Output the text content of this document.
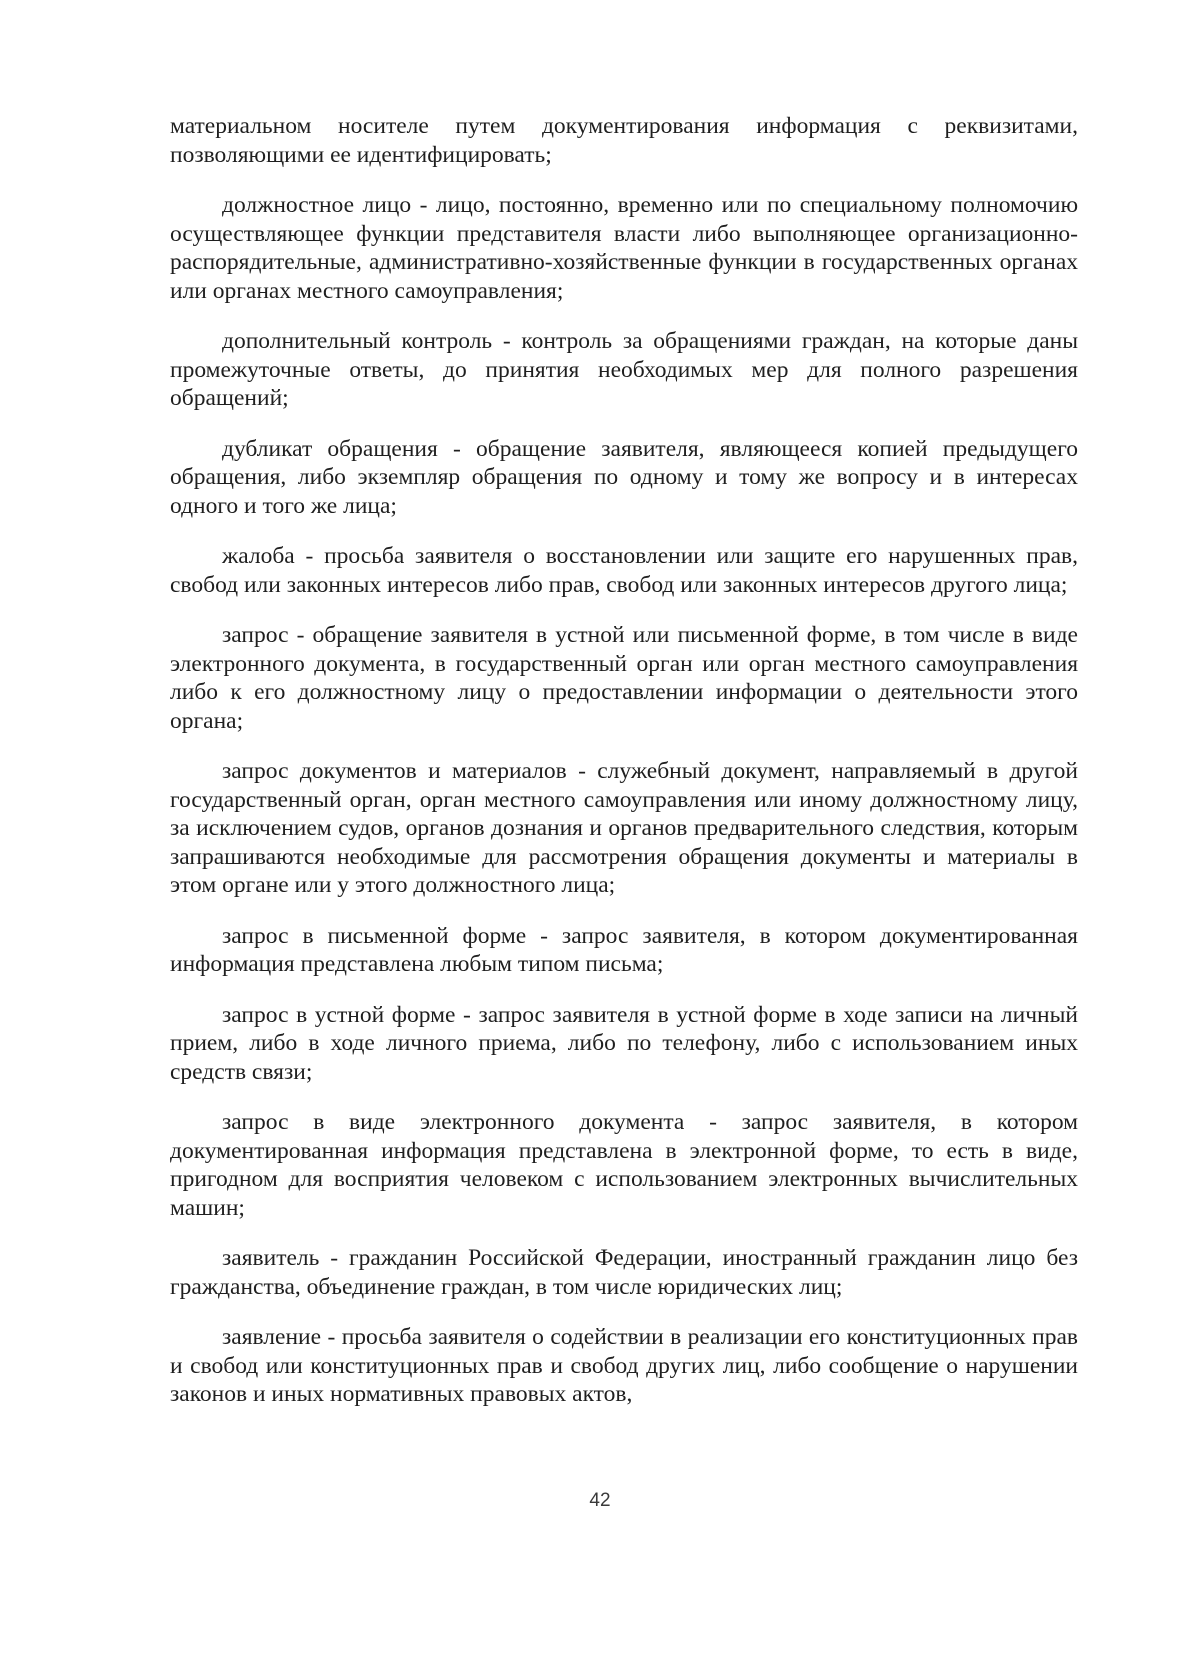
материальном носителе путем документирования информация с реквизитами, позволяющими ее идентифицировать;

должностное лицо - лицо, постоянно, временно или по специальному полномочию осуществляющее функции представителя власти либо выполняющее организационно-распорядительные, административно-хозяйственные функции в государственных органах или органах местного самоуправления;

дополнительный контроль - контроль за обращениями граждан, на которые даны промежуточные ответы, до принятия необходимых мер для полного разрешения обращений;

дубликат обращения - обращение заявителя, являющееся копией предыдущего обращения, либо экземпляр обращения по одному и тому же вопросу и в интересах одного и того же лица;

жалоба - просьба заявителя о восстановлении или защите его нарушенных прав, свобод или законных интересов либо прав, свобод или законных интересов другого лица;

запрос - обращение заявителя в устной или письменной форме, в том числе в виде электронного документа, в государственный орган или орган местного самоуправления либо к его должностному лицу о предоставлении информации о деятельности этого органа;

запрос документов и материалов - служебный документ, направляемый в другой государственный орган, орган местного самоуправления или иному должностному лицу, за исключением судов, органов дознания и органов предварительного следствия, которым запрашиваются необходимые для рассмотрения обращения документы и материалы в этом органе или у этого должностного лица;

запрос в письменной форме - запрос заявителя, в котором документированная информация представлена любым типом письма;

запрос в устной форме - запрос заявителя в устной форме в ходе записи на личный прием, либо в ходе личного приема, либо по телефону, либо с использованием иных средств связи;

запрос в виде электронного документа - запрос заявителя, в котором документированная информация представлена в электронной форме, то есть в виде, пригодном для восприятия человеком с использованием электронных вычислительных машин;

заявитель - гражданин Российской Федерации, иностранный гражданин лицо без гражданства, объединение граждан, в том числе юридических лиц;

заявление - просьба заявителя о содействии в реализации его конституционных прав и свобод или конституционных прав и свобод других лиц, либо сообщение о нарушении законов и иных нормативных правовых актов,

42
